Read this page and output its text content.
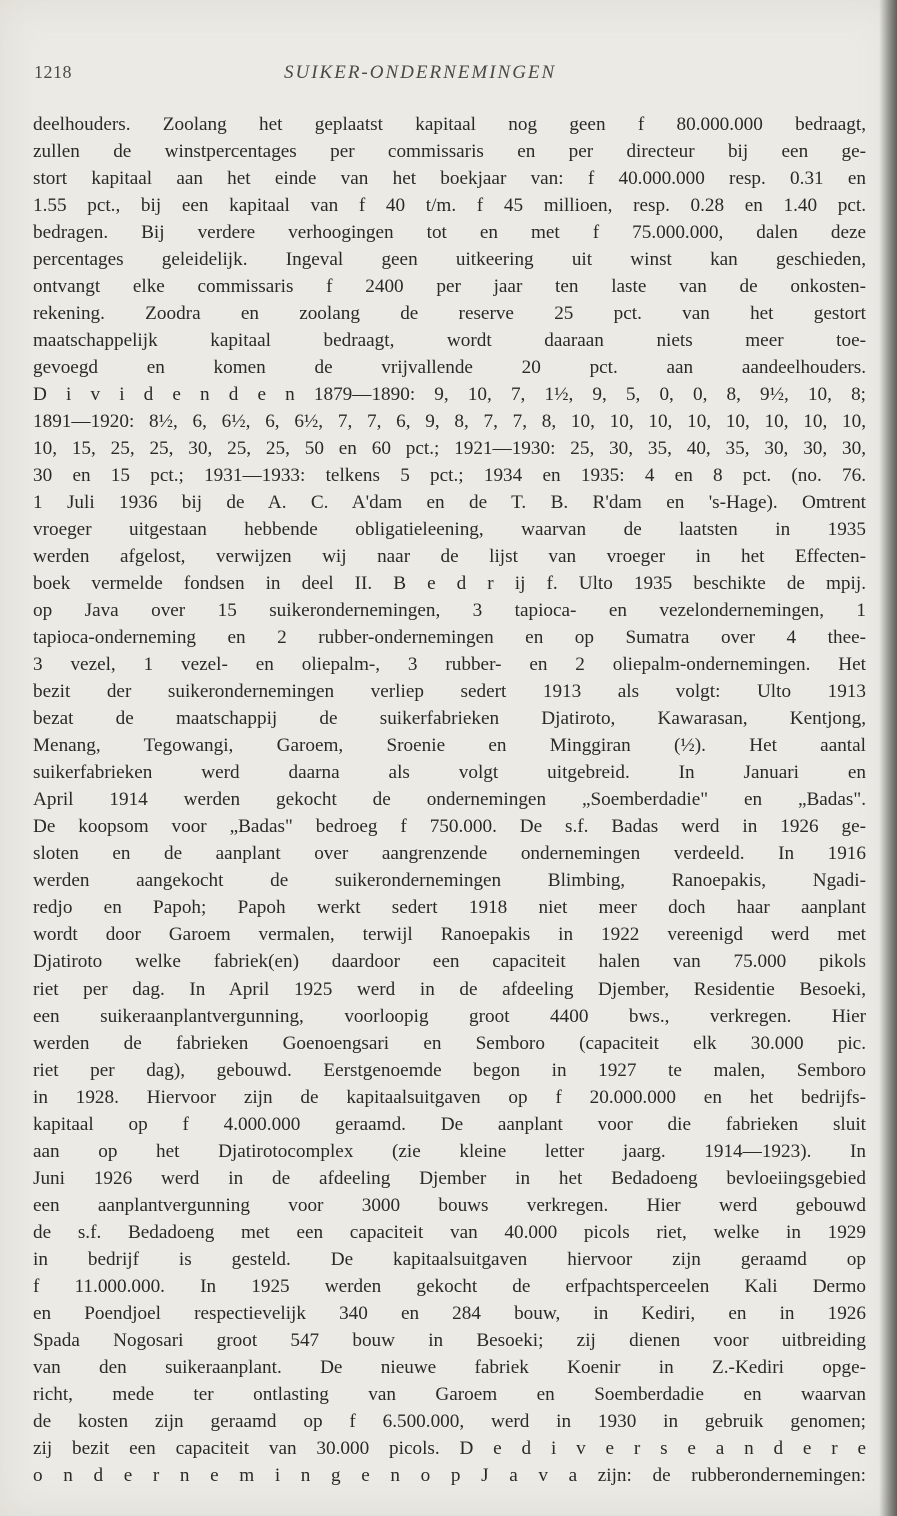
1218	SUIKER-ONDERNEMINGEN
deelhouders. Zoolang het geplaatst kapitaal nog geen f 80.000.000 bedraagt,
zullen de winstpercentages per commissaris en per directeur bij een ge-
stort kapitaal aan het einde van het boekjaar van: f 40.000.000 resp. 0.31 en
1.55 pct., bij een kapitaal van f 40 t/m. f 45 millioen, resp. 0.28 en 1.40 pct.
bedragen. Bij verdere verhoogingen tot en met f 75.000.000, dalen deze
percentages geleidelijk. Ingeval geen uitkeering uit winst kan geschieden,
ontvangt elke commissaris f 2400 per jaar ten laste van de onkosten-
rekening. Zoodra en zoolang de reserve 25 pct. van het gestort
maatschappelijk kapitaal bedraagt, wordt daaraan niets meer toe-
gevoegd en komen de vrijvallende 20 pct. aan aandeelhouders.
D i v i d e n d e n 1879—1890: 9, 10, 7, 1½, 9, 5, 0, 0, 8, 9½, 10, 8;
1891—1920: 8½, 6, 6½, 6, 6½, 7, 7, 6, 9, 8, 7, 7, 8, 10, 10, 10, 10, 10, 10, 10, 10,
10, 15, 25, 25, 30, 25, 25, 50 en 60 pct.; 1921—1930: 25, 30, 35, 40, 35, 30, 30, 30,
30 en 15 pct.; 1931—1933: telkens 5 pct.; 1934 en 1935: 4 en 8 pct. (no. 76.
1 Juli 1936 bij de A. C. A'dam en de T. B. R'dam en 's-Hage). Omtrent
vroeger uitgestaan hebbende obligatieleening, waarvan de laatsten in 1935
werden afgelost, verwijzen wij naar de lijst van vroeger in het Effecten-
boek vermelde fondsen in deel II. B e d r ij f. Ulto 1935 beschikte de mpij.
op Java over 15 suikerondernemingen, 3 tapioca- en vezelondernemingen, 1
tapioca-onderneming en 2 rubber-ondernemingen en op Sumatra over 4 thee-
3 vezel, 1 vezel- en oliepalm-, 3 rubber- en 2 oliepalm-ondernemingen. Het
bezit der suikerondernemingen verliep sedert 1913 als volgt: Ulto 1913
bezat de maatschappij de suikerfabrieken Djatiroto, Kawarasan, Kentjong,
Menang, Tegowangi, Garoem, Sroenie en Minggiran (½). Het aantal
suikerfabrieken werd daarna als volgt uitgebreid. In Januari en
April 1914 werden gekocht de ondernemingen „Soemberdadie" en „Badas".
De koopsom voor „Badas" bedroeg f 750.000. De s.f. Badas werd in 1926 ge-
sloten en de aanplant over aangrenzende ondernemingen verdeeld. In 1916
werden aangekocht de suikerondernemingen Blimbing, Ranoepakis, Ngadi-
redjo en Papoh; Papoh werkt sedert 1918 niet meer doch haar aanplant
wordt door Garoem vermalen, terwijl Ranoepakis in 1922 vereenigd werd met
Djatiroto welke fabriek(en) daardoor een capaciteit halen van 75.000 pikols
riet per dag. In April 1925 werd in de afdeeling Djember, Residentie Besoeki,
een suikeraanplantvergunning, voorloopig groot 4400 bws., verkregen. Hier
werden de fabrieken Goenoengsari en Semboro (capaciteit elk 30.000 pic.
riet per dag), gebouwd. Eerstgenoemde begon in 1927 te malen, Semboro
in 1928. Hiervoor zijn de kapitaalsuitgaven op f 20.000.000 en het bedrijfs-
kapitaal op f 4.000.000 geraamd. De aanplant voor die fabrieken sluit
aan op het Djatirotocomplex (zie kleine letter jaarg. 1914—1923). In
Juni 1926 werd in de afdeeling Djember in het Bedadoeng bevloeiingsgebied
een aanplantvergunning voor 3000 bouws verkregen. Hier werd gebouwd
de s.f. Bedadoeng met een capaciteit van 40.000 picols riet, welke in 1929
in bedrijf is gesteld. De kapitaalsuitgaven hiervoor zijn geraamd op
f 11.000.000. In 1925 werden gekocht de erfpachtsperceelen Kali Dermo
en Poendjoel respectievelijk 340 en 284 bouw, in Kediri, en in 1926
Spada Nogosari groot 547 bouw in Besoeki; zij dienen voor uitbreiding
van den suikeraanplant. De nieuwe fabriek Koenir in Z.-Kediri opge-
richt, mede ter ontlasting van Garoem en Soemberdadie en waarvan
de kosten zijn geraamd op f 6.500.000, werd in 1930 in gebruik genomen;
zij bezit een capaciteit van 30.000 picols. D e d i v e r s e a n d e r e
o n d e r n e m i n g e n o p J a v a zijn: de rubberondernemingen:
